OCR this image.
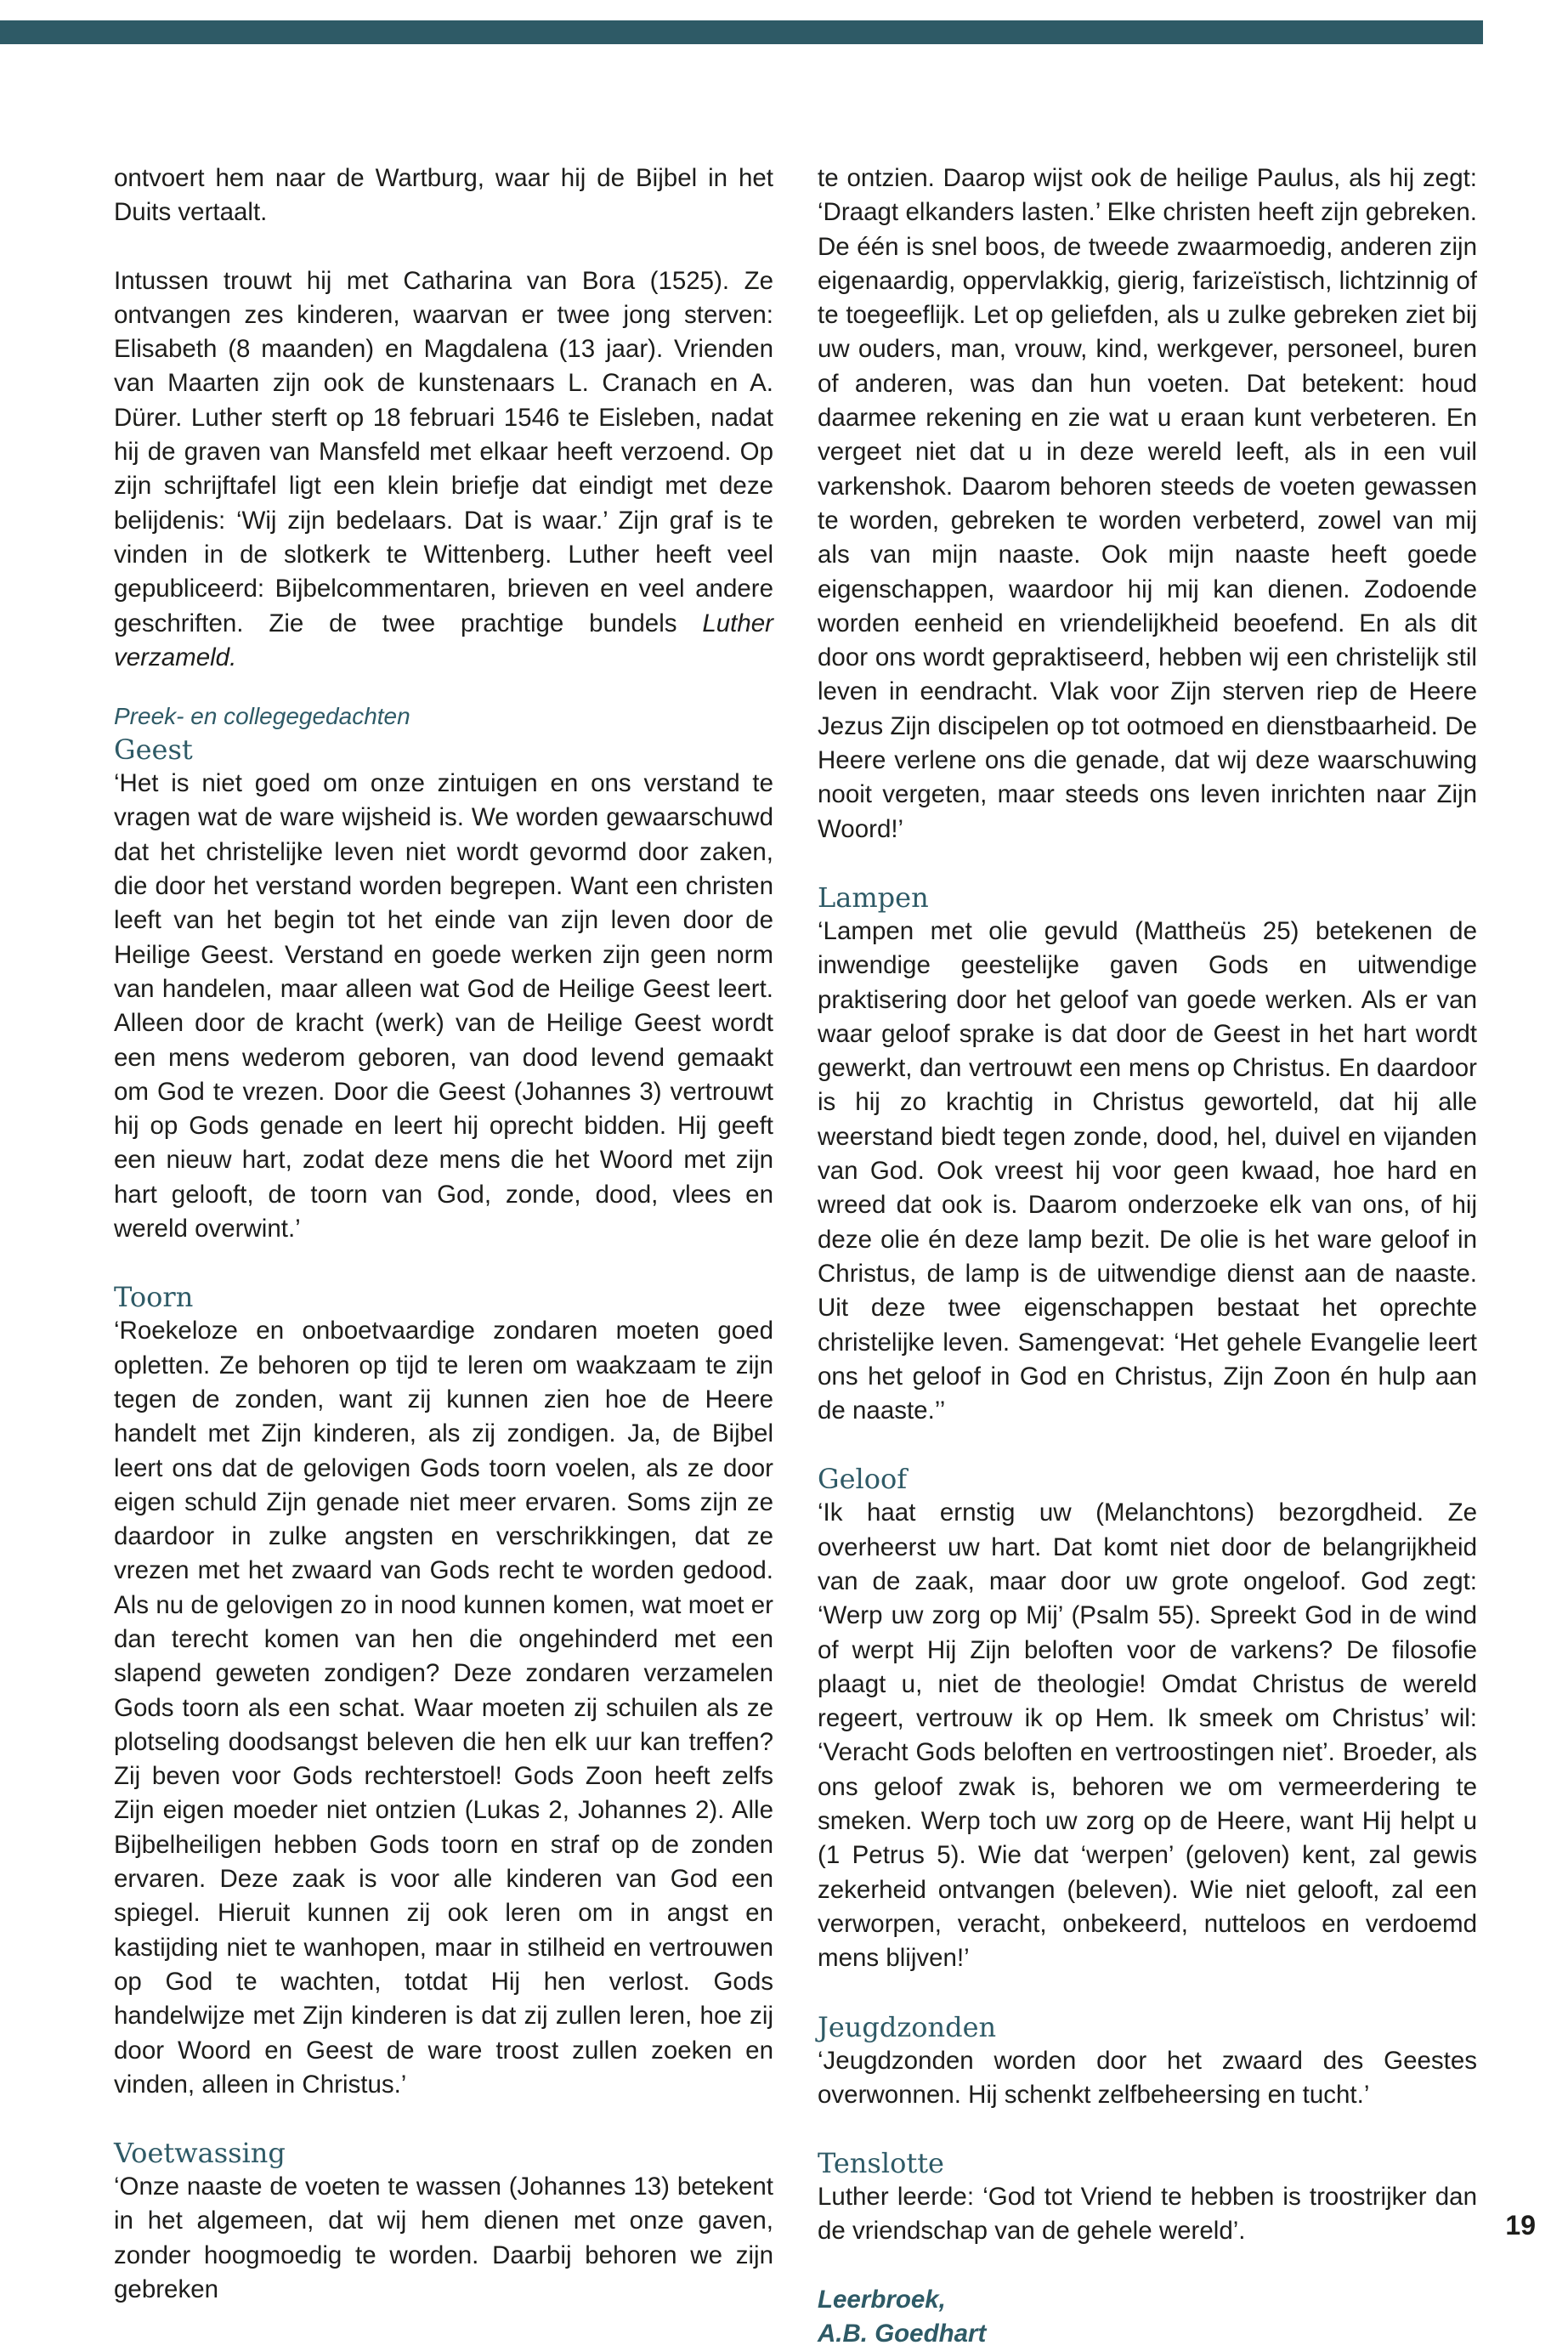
ontvoert hem naar de Wartburg, waar hij de Bijbel in het Duits vertaalt.

Intussen trouwt hij met Catharina van Bora (1525). Ze ontvangen zes kinderen, waarvan er twee jong sterven: Elisabeth (8 maanden) en Magdalena (13 jaar). Vrienden van Maarten zijn ook de kunstenaars L. Cranach en A. Dürer. Luther sterft op 18 februari 1546 te Eisleben, nadat hij de graven van Mansfeld met elkaar heeft verzoend. Op zijn schrijftafel ligt een klein briefje dat eindigt met deze belijdenis: ‘Wij zijn bedelaars. Dat is waar.’ Zijn graf is te vinden in de slotkerk te Wittenberg. Luther heeft veel gepubliceerd: Bijbelcommentaren, brieven en veel andere geschriften. Zie de twee prachtige bundels Luther verzameld.

Preek- en collegegedachten
Geest

‘Het is niet goed om onze zintuigen en ons verstand te vragen wat de ware wijsheid is. We worden gewaarschuwd dat het christelijke leven niet wordt gevormd door zaken, die door het verstand worden begrepen. Want een christen leeft van het begin tot het einde van zijn leven door de Heilige Geest. Verstand en goede werken zijn geen norm van handelen, maar alleen wat God de Heilige Geest leert. Alleen door de kracht (werk) van de Heilige Geest wordt een mens wederom geboren, van dood levend gemaakt om God te vrezen. Door die Geest (Johannes 3) vertrouwt hij op Gods genade en leert hij oprecht bidden. Hij geeft een nieuw hart, zodat deze mens die het Woord met zijn hart gelooft, de toorn van God, zonde, dood, vlees en wereld overwint.’

Toorn

‘Roekeloze en onboetvaardige zondaren moeten goed opletten. Ze behoren op tijd te leren om waakzaam te zijn tegen de zonden, want zij kunnen zien hoe de Heere handelt met Zijn kinderen, als zij zondigen. Ja, de Bijbel leert ons dat de gelovigen Gods toorn voelen, als ze door eigen schuld Zijn genade niet meer ervaren. Soms zijn ze daardoor in zulke angsten en verschrikkingen, dat ze vrezen met het zwaard van Gods recht te worden gedood. Als nu de gelovigen zo in nood kunnen komen, wat moet er dan terecht komen van hen die ongehinderd met een slapend geweten zondigen? Deze zondaren verzamelen Gods toorn als een schat. Waar moeten zij schuilen als ze plotseling doodsangst beleven die hen elk uur kan treffen? Zij beven voor Gods rechterstoel! Gods Zoon heeft zelfs Zijn eigen moeder niet ontzien (Lukas 2, Johannes 2). Alle Bijbelheiligen hebben Gods toorn en straf op de zonden ervaren. Deze zaak is voor alle kinderen van God een spiegel. Hieruit kunnen zij ook leren om in angst en kastijding niet te wanhopen, maar in stilheid en vertrouwen op God te wachten, totdat Hij hen verlost. Gods handelwijze met Zijn kinderen is dat zij zullen leren, hoe zij door Woord en Geest de ware troost zullen zoeken en vinden, alleen in Christus.’

Voetwassing

‘Onze naaste de voeten te wassen (Johannes 13) betekent in het algemeen, dat wij hem dienen met onze gaven, zonder hoogmoedig te worden. Daarbij behoren we zijn gebreken

te ontzien. Daarop wijst ook de heilige Paulus, als hij zegt: ‘Draagt elkanders lasten.’ Elke christen heeft zijn gebreken. De één is snel boos, de tweede zwaarmoedig, anderen zijn eigenaardig, oppervlakkig, gierig, farizeïstisch, lichtzinnig of te toegeeflijk. Let op geliefden, als u zulke gebreken ziet bij uw ouders, man, vrouw, kind, werkgever, personeel, buren of anderen, was dan hun voeten. Dat betekent: houd daarmee rekening en zie wat u eraan kunt verbeteren. En vergeet niet dat u in deze wereld leeft, als in een vuil varkenshok. Daarom behoren steeds de voeten gewassen te worden, gebreken te worden verbeterd, zowel van mij als van mijn naaste. Ook mijn naaste heeft goede eigenschappen, waardoor hij mij kan dienen. Zodoende worden eenheid en vriendelijkheid beoefend. En als dit door ons wordt gepraktiseerd, hebben wij een christelijk stil leven in eendracht. Vlak voor Zijn sterven riep de Heere Jezus Zijn discipelen op tot ootmoed en dienstbaarheid. De Heere verlene ons die genade, dat wij deze waarschuwing nooit vergeten, maar steeds ons leven inrichten naar Zijn Woord!’

Lampen

‘Lampen met olie gevuld (Mattheüs 25) betekenen de inwendige geestelijke gaven Gods en uitwendige praktisering door het geloof van goede werken. Als er van waar geloof sprake is dat door de Geest in het hart wordt gewerkt, dan vertrouwt een mens op Christus. En daardoor is hij zo krachtig in Christus geworteld, dat hij alle weerstand biedt tegen zonde, dood, hel, duivel en vijanden van God. Ook vreest hij voor geen kwaad, hoe hard en wreed dat ook is. Daarom onderzoeke elk van ons, of hij deze olie én deze lamp bezit. De olie is het ware geloof in Christus, de lamp is de uitwendige dienst aan de naaste. Uit deze twee eigenschappen bestaat het oprechte christelijke leven. Samengevat: ‘Het gehele Evangelie leert ons het geloof in God en Christus, Zijn Zoon én hulp aan de naaste.’’

Geloof

‘Ik haat ernstig uw (Melanchtons) bezorgdheid. Ze overheerst uw hart. Dat komt niet door de belangrijkheid van de zaak, maar door uw grote ongeloof. God zegt: ‘Werp uw zorg op Mij’ (Psalm 55). Spreekt God in de wind of werpt Hij Zijn beloften voor de varkens? De filosofie plaagt u, niet de theologie! Omdat Christus de wereld regeert, vertrouw ik op Hem. Ik smeek om Christus’ wil: ‘Veracht Gods beloften en vertroostingen niet’. Broeder, als ons geloof zwak is, behoren we om vermeerdering te smeken. Werp toch uw zorg op de Heere, want Hij helpt u (1 Petrus 5). Wie dat ‘werpen’ (geloven) kent, zal gewis zekerheid ontvangen (beleven). Wie niet gelooft, zal een verworpen, veracht, onbekeerd, nutteloos en verdoemd mens blijven!’

Jeugdzonden

‘Jeugdzonden worden door het zwaard des Geestes overwonnen. Hij schenkt zelfbeheersing en tucht.’

Tenslotte

Luther leerde: ‘God tot Vriend te hebben is troostrijker dan de vriendschap van de gehele wereld’.

Leerbroek,
A.B. Goedhart
19
